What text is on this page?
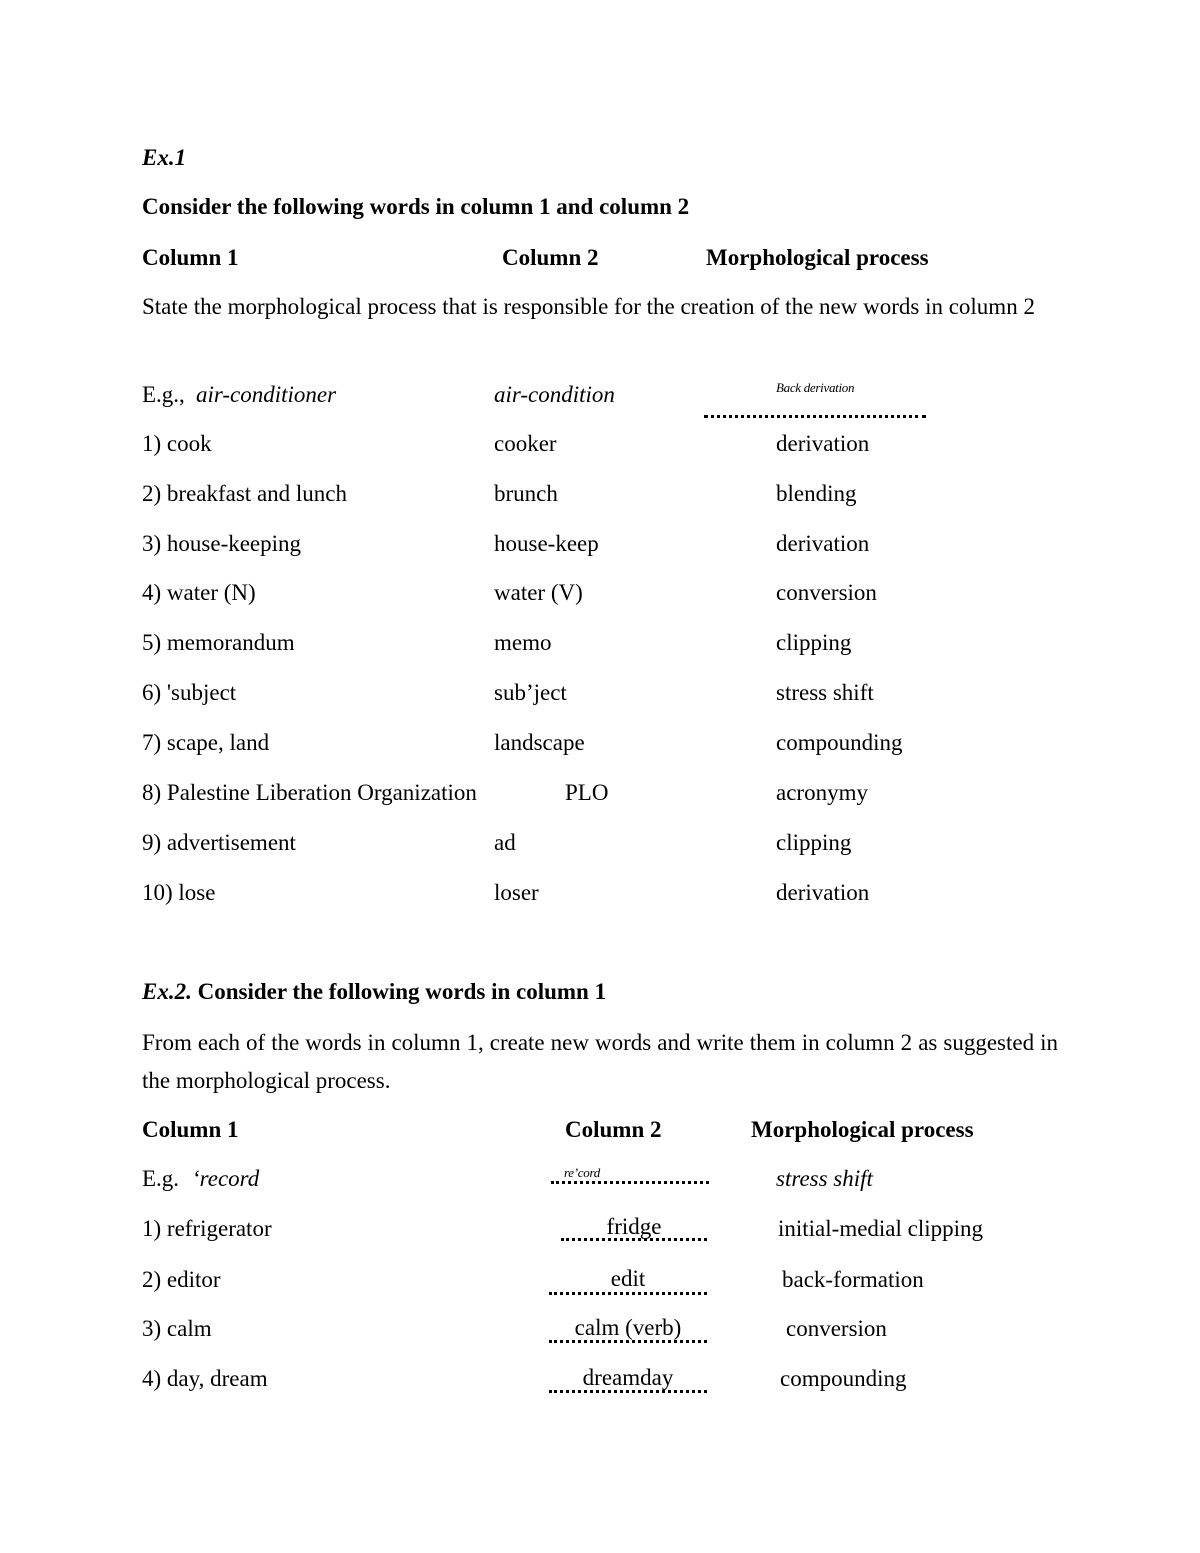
Ex.1
Consider the following words in column 1 and column 2
Column 1	Column 2	Morphological process
State the morphological process that is responsible for the creation of the new words in column 2
E.g., air-conditioner	air-condition	Back derivation
1) cook	cooker	derivation
2) breakfast and lunch	brunch	blending
3) house-keeping	house-keep	derivation
4) water (N)	water (V)	conversion
5) memorandum	memo	clipping
6) 'subject	sub’ject	stress shift
7) scape, land	landscape	compounding
8) Palestine Liberation Organization	PLO	acronymy
9) advertisement	ad	clipping
10) lose	loser	derivation
Ex.2. Consider the following words in column 1
From each of the words in column 1, create new words and write them in column 2 as suggested in the morphological process.
Column 1	Column 2	Morphological process
E.g. ‘record	re’cord	stress shift
1) refrigerator	fridge	initial-medial clipping
2) editor	edit	back-formation
3) calm	calm (verb)	conversion
4) day, dream	dreamday	compounding
